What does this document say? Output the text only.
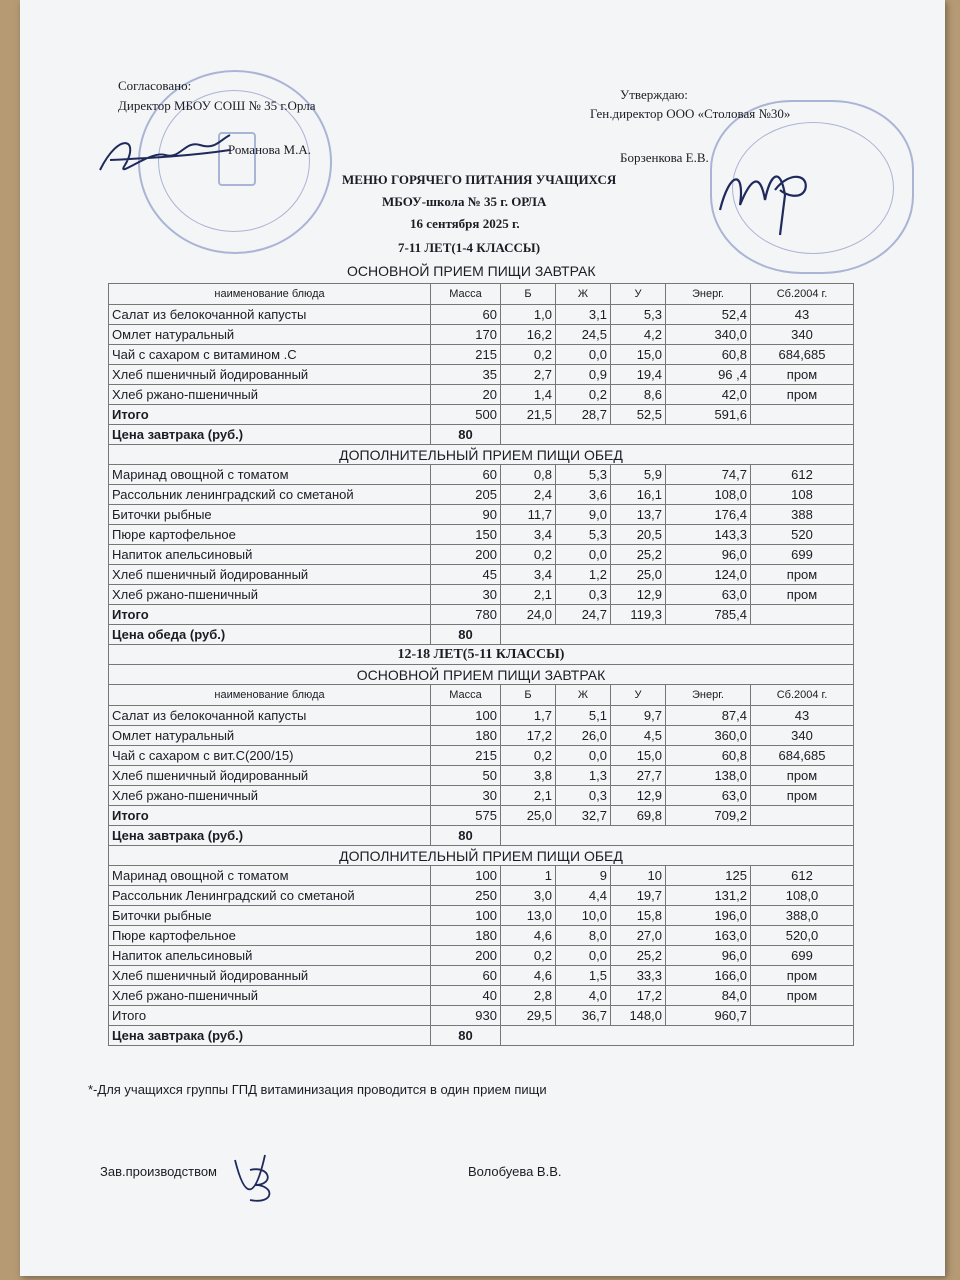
Согласовано:
Директор МБОУ СОШ № 35 г.Орла
Романова М.А.
Утверждаю:
Ген.директор ООО «Столовая №30»
Борзенкова Е.В.
МЕНЮ ГОРЯЧЕГО ПИТАНИЯ УЧАЩИХСЯ
МБОУ-школа № 35 г. ОРЛА
16 сентября 2025 г.
7-11 ЛЕТ(1-4 КЛАССЫ)
ОСНОВНОЙ ПРИЕМ ПИЩИ ЗАВТРАК
наименование блюда	Масса	Б	Ж	У	Энерг.	Сб.2004 г.
Салат из белокочанной капусты	60	1,0	3,1	5,3	52,4	43
Омлет натуральный	170	16,2	24,5	4,2	340,0	340
Чай с сахаром с витамином .С	215	0,2	0,0	15,0	60,8	684,685
Хлеб пшеничный йодированный	35	2,7	0,9	19,4	96 ,4	пром
Хлеб ржано-пшеничный	20	1,4	0,2	8,6	42,0	пром
Итого	500	21,5	28,7	52,5	591,6	
Цена завтрака (руб.)	80					
ДОПОЛНИТЕЛЬНЫЙ ПРИЕМ ПИЩИ ОБЕД						
Маринад овощной с томатом	60	0,8	5,3	5,9	74,7	612
Рассольник ленинградский со сметаной	205	2,4	3,6	16,1	108,0	108
Биточки рыбные	90	11,7	9,0	13,7	176,4	388
Пюре картофельное	150	3,4	5,3	20,5	143,3	520
Напиток апельсиновый	200	0,2	0,0	25,2	96,0	699
Хлеб пшеничный йодированный	45	3,4	1,2	25,0	124,0	пром
Хлеб ржано-пшеничный	30	2,1	0,3	12,9	63,0	пром
Итого	780	24,0	24,7	119,3	785,4	
Цена обеда (руб.)	80					
12-18 ЛЕТ(5-11 КЛАССЫ)						
ОСНОВНОЙ ПРИЕМ ПИЩИ ЗАВТРАК						
наименование блюда	Масса	Б	Ж	У	Энерг.	Сб.2004 г.
Салат из белокочанной капусты	100	1,7	5,1	9,7	87,4	43
Омлет натуральный	180	17,2	26,0	4,5	360,0	340
Чай с сахаром с вит.С(200/15)	215	0,2	0,0	15,0	60,8	684,685
Хлеб пшеничный йодированный	50	3,8	1,3	27,7	138,0	пром
Хлеб ржано-пшеничный	30	2,1	0,3	12,9	63,0	пром
Итого	575	25,0	32,7	69,8	709,2	
Цена завтрака (руб.)	80					
ДОПОЛНИТЕЛЬНЫЙ ПРИЕМ ПИЩИ ОБЕД						
Маринад овощной с томатом	100	1	9	10	125	612
Рассольник Ленинградский со сметаной	250	3,0	4,4	19,7	131,2	108,0
Биточки рыбные	100	13,0	10,0	15,8	196,0	388,0
Пюре картофельное	180	4,6	8,0	27,0	163,0	520,0
Напиток апельсиновый	200	0,2	0,0	25,2	96,0	699
Хлеб пшеничный йодированный	60	4,6	1,5	33,3	166,0	пром
Хлеб ржано-пшеничный	40	2,8	4,0	17,2	84,0	пром
Итого	930	29,5	36,7	148,0	960,7	
Цена завтрака (руб.)	80					
*-Для учащихся группы ГПД витаминизация проводится в один прием пищи
Зав.производством	Волобуева В.В.
